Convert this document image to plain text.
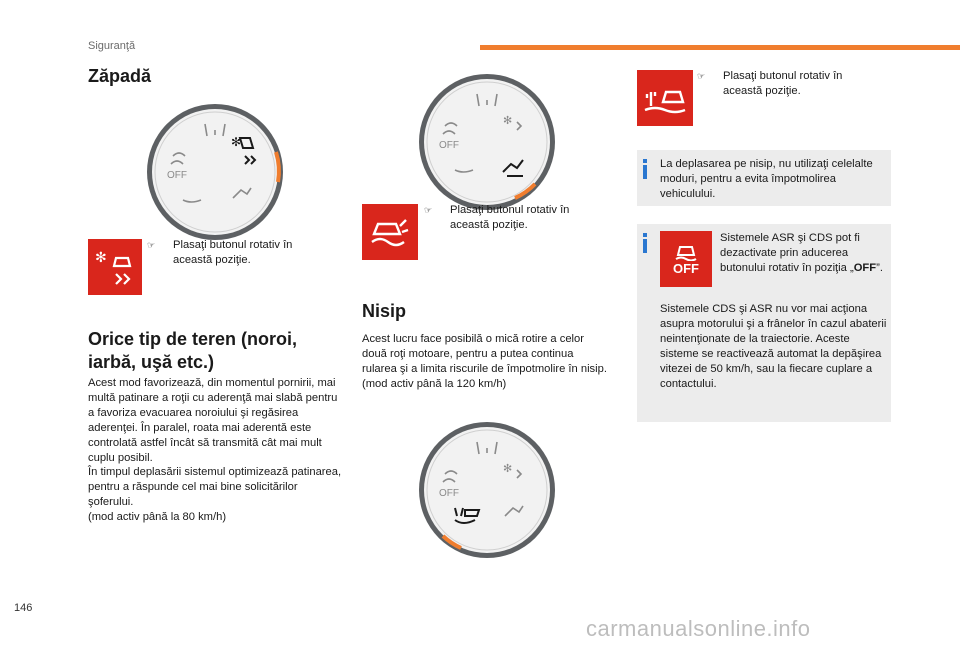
Siguranţă
Zăpadă
OFF
✻
✻
☞	Plasaţi butonul rotativ în această poziţie.
Orice tip de teren (noroi, iarbă, uşă etc.)
Acest mod favorizează, din momentul pornirii, mai multă patinare a roţii cu aderenţă mai slabă pentru a favoriza evacuarea noroiului şi regăsirea aderenţei. În paralel, roata mai aderentă este controlată astfel încât să transmită cât mai mult cuplu posibil.
În timpul deplasării sistemul optimizează patinarea, pentru a răspunde cel mai bine solicitărilor şoferului.
(mod activ până la 80 km/h)
✻
OFF
☞	Plasaţi butonul rotativ în această poziţie.
Nisip
Acest lucru face posibilă o mică rotire a celor două roţi motoare, pentru a putea continua rularea şi a limita riscurile de împotmolire în nisip.
(mod activ până la 120 km/h)
✻
OFF
☞	Plasaţi butonul rotativ în această poziţie.
La deplasarea pe nisip, nu utilizaţi celelalte moduri, pentru a evita împotmolirea vehiculului.
OFF
Sistemele ASR şi CDS pot fi dezactivate prin aducerea butonului rotativ în poziţia „OFF”.
Sistemele CDS şi ASR nu vor mai acţiona asupra motorului şi a frânelor în cazul abaterii neintenţionate de la traiectorie. Aceste sisteme se reactivează automat la depăşirea vitezei de 50 km/h, sau la fiecare cuplare a contactului.
146
carmanualsonline.info
